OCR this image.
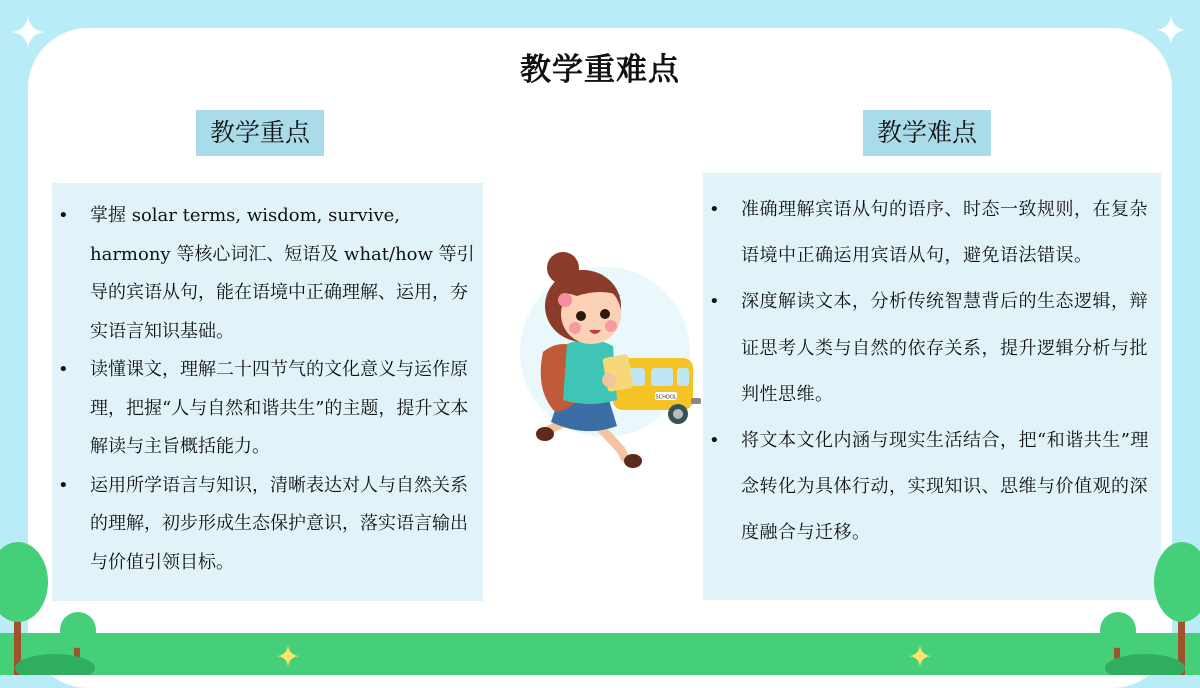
教学重难点
教学重点	教学难点
• 掌握 solar terms, wisdom, survive, harmony 等核心词汇、短语及 what/how 等引导的宾语从句，能在语境中正确理解、运用，夯实语言知识基础。
• 读懂课文，理解二十四节气的文化意义与运作原理，把握“人与自然和谐共生”的主题，提升文本解读与主旨概括能力。
• 运用所学语言与知识，清晰表达对人与自然关系的理解，初步形成生态保护意识，落实语言输出与价值引领目标。
• 准确理解宾语从句的语序、时态一致规则，在复杂语境中正确运用宾语从句，避免语法错误。
• 深度解读文本，分析传统智慧背后的生态逻辑，辩证思考人类与自然的依存关系，提升逻辑分析与批判性思维。
• 将文本文化内涵与现实生活结合，把“和谐共生”理念转化为具体行动，实现知识、思维与价值观的深度融合与迁移。
SCHOOL
